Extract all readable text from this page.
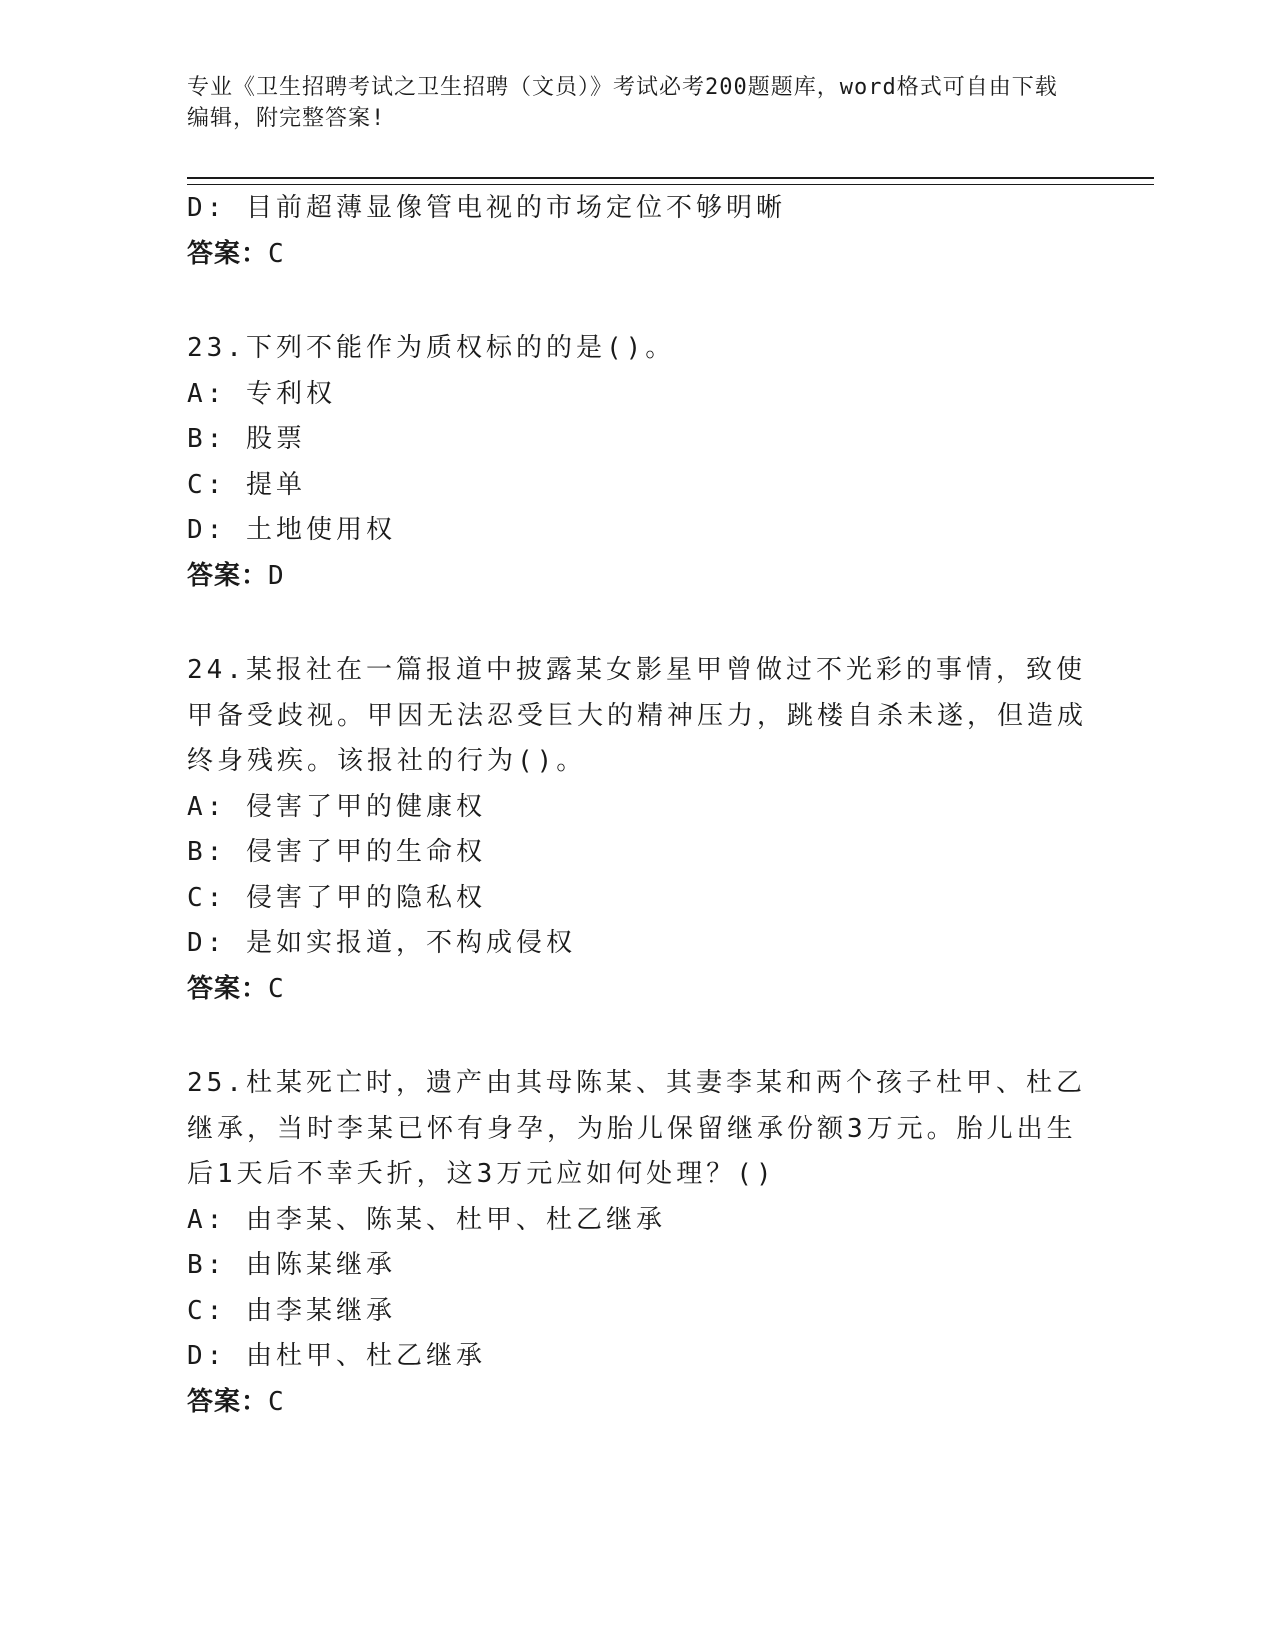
专业《卫生招聘考试之卫生招聘（文员）》考试必考200题题库，word格式可自由下载编辑，附完整答案!
D: 目前超薄显像管电视的市场定位不够明晰
答案：C
23.下列不能作为质权标的的是()。
A: 专利权
B: 股票
C: 提单
D: 土地使用权
答案：D
24.某报社在一篇报道中披露某女影星甲曾做过不光彩的事情，致使甲备受歧视。甲因无法忍受巨大的精神压力，跳楼自杀未遂，但造成终身残疾。该报社的行为()。
A: 侵害了甲的健康权
B: 侵害了甲的生命权
C: 侵害了甲的隐私权
D: 是如实报道，不构成侵权
答案：C
25.杜某死亡时，遗产由其母陈某、其妻李某和两个孩子杜甲、杜乙继承，当时李某已怀有身孕，为胎儿保留继承份额3万元。胎儿出生后1天后不幸夭折，这3万元应如何处理？()
A: 由李某、陈某、杜甲、杜乙继承
B: 由陈某继承
C: 由李某继承
D: 由杜甲、杜乙继承
答案：C
